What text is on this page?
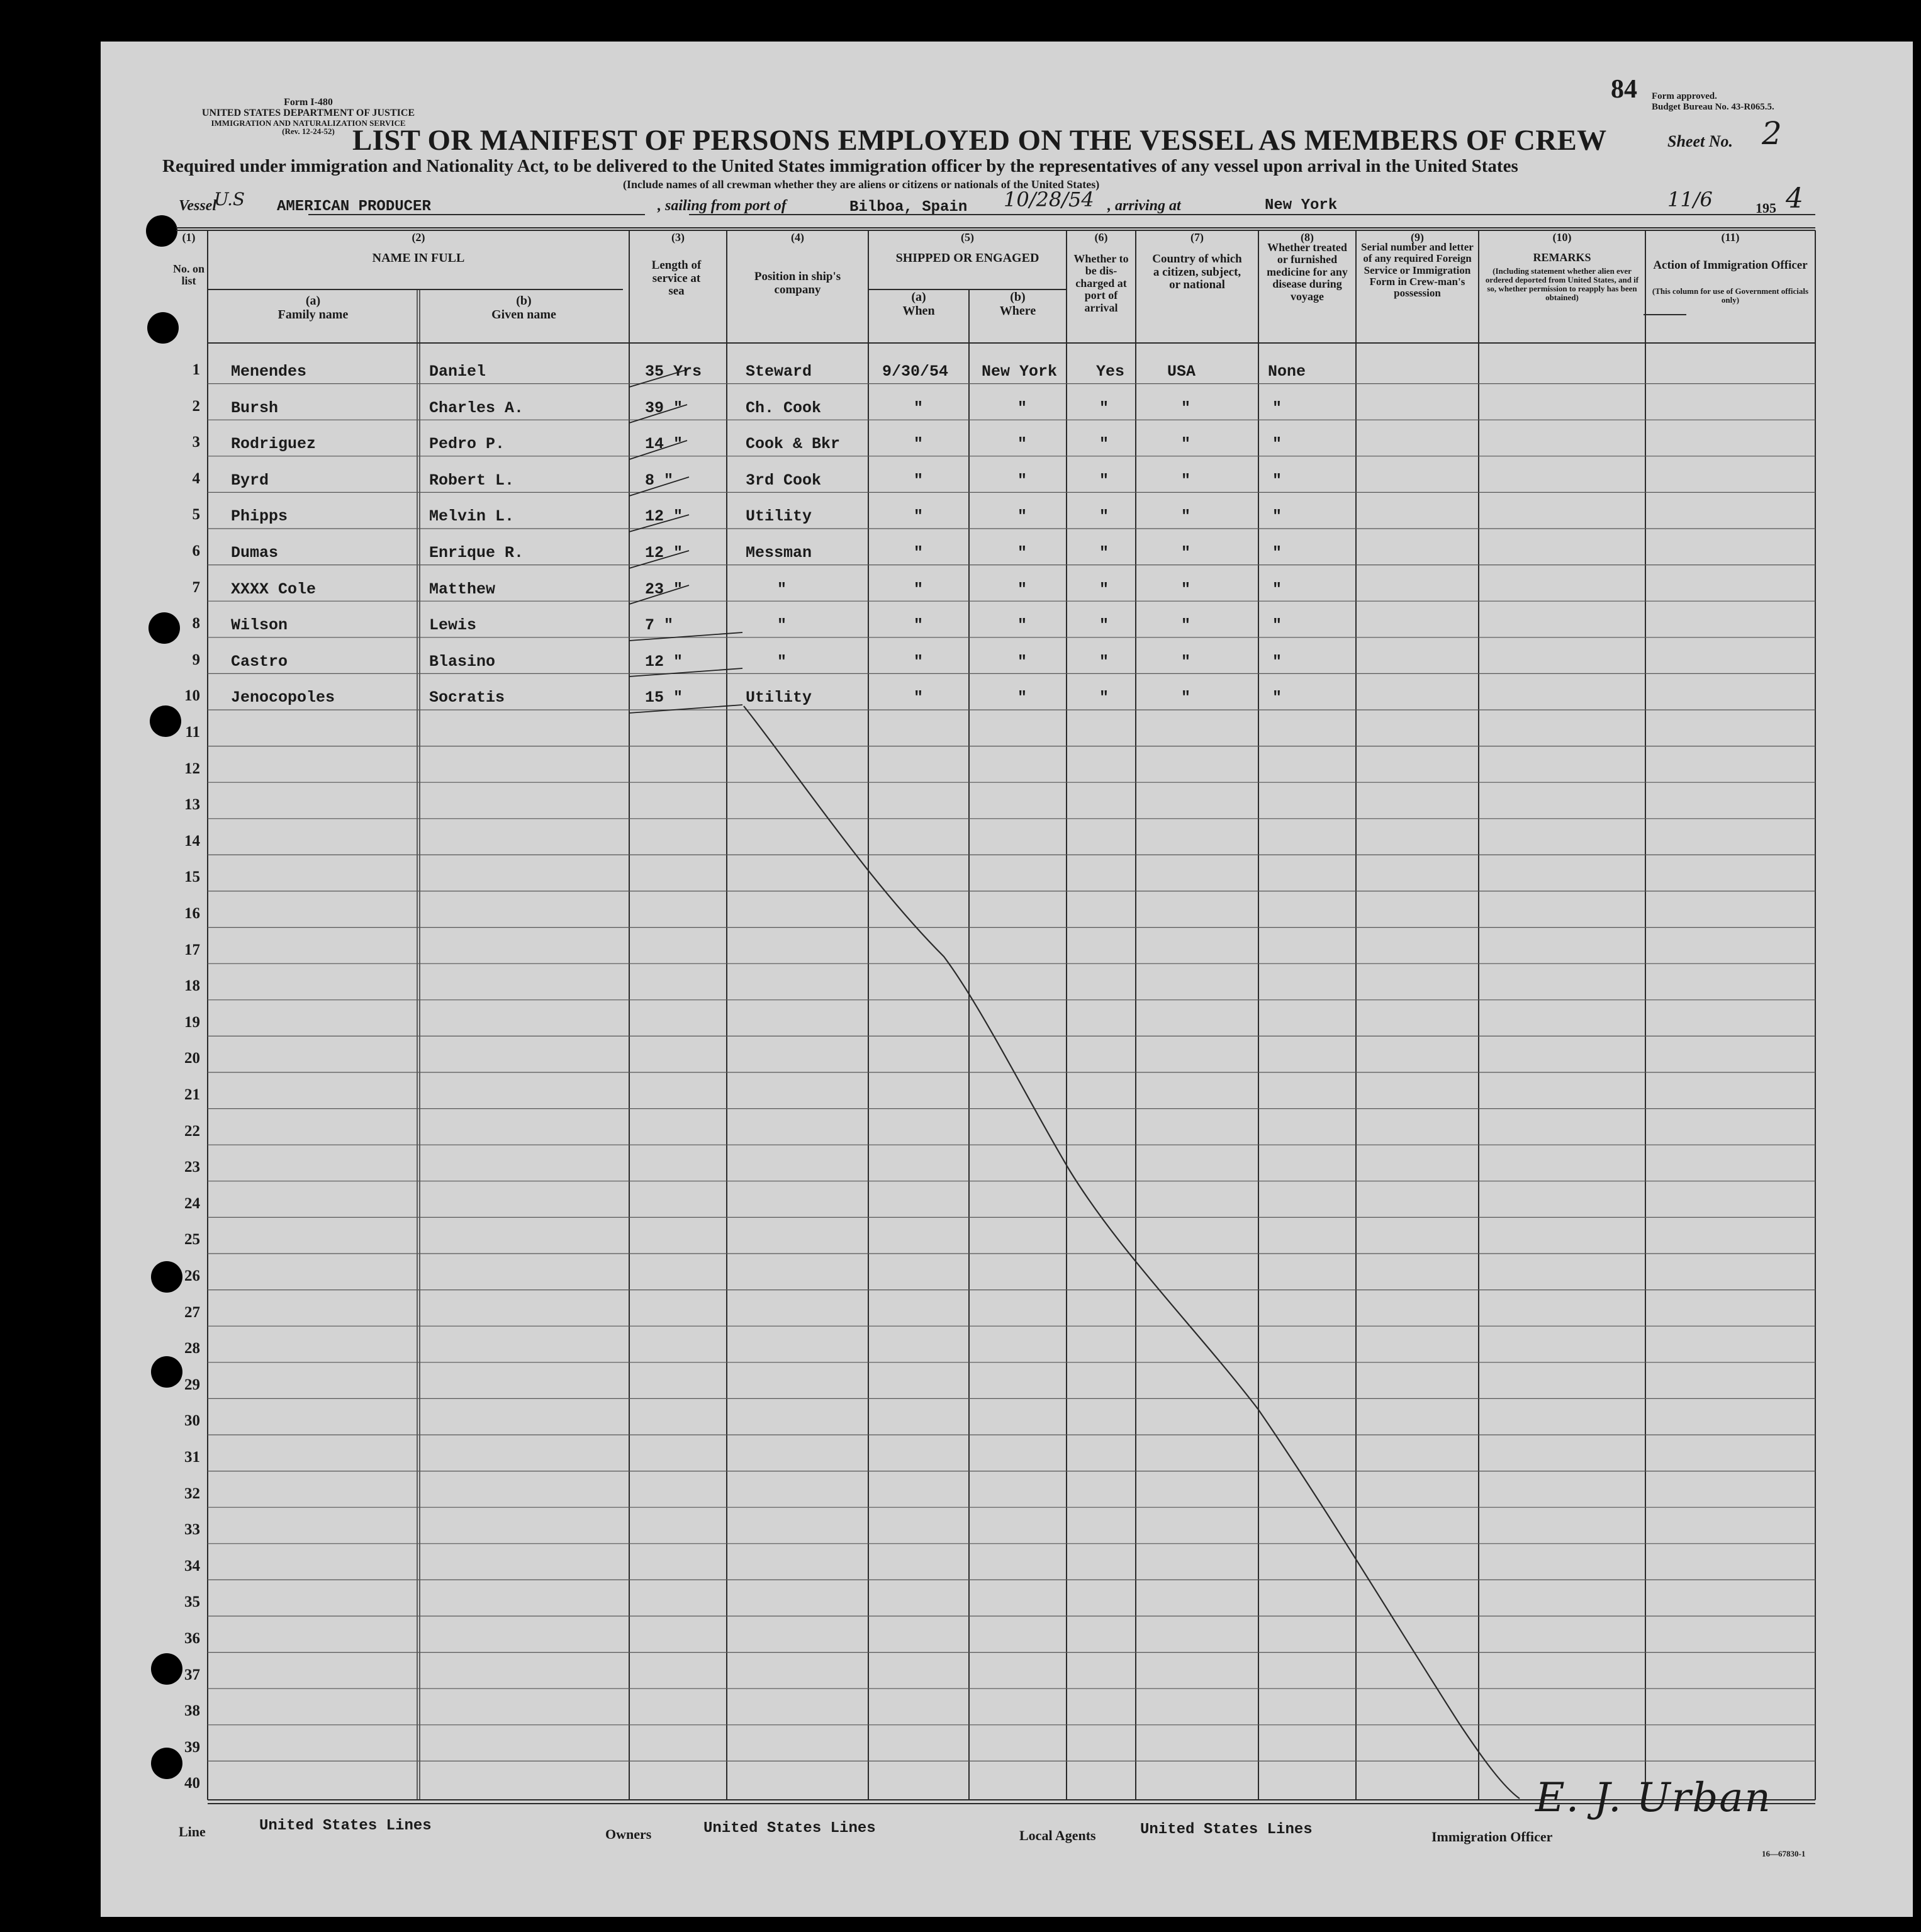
Form I-480
UNITED STATES DEPARTMENT OF JUSTICE
IMMIGRATION AND NATURALIZATION SERVICE
(Rev. 12-24-52)
84 Form approved.
Budget Bureau No. 43-R065.5.
LIST OR MANIFEST OF PERSONS EMPLOYED ON THE VESSEL AS MEMBERS OF CREW	Sheet No. 2
Required under immigration and Nationality Act, to be delivered to the United States immigration officer by the representatives of any vessel upon arrival in the United States
(Include names of all crewman whether they are aliens or citizens or nationals of the United States)
Vessel
U.S AMERICAN PRODUCER	, sailing from port of	Bilboa, Spain 10/28/54 , arriving at	New York	11/6	195 4
(1)
No. on list
(2)
NAME IN FULL
(a)
Family name
(b)
Given name
(3)
Length of service at sea
(4)
Position in ship's company
(5)
SHIPPED OR ENGAGED
(a)
When
(b)
Where
(6)
Whether to be dis-charged at port of arrival
(7)
Country of which a citizen, subject, or national
(8)
Whether treated or furnished medicine for any disease during voyage
(9)
Serial number and letter of any required Foreign Service or Immigration Form in Crew-man's possession
(10)
REMARKS
(Including statement whether alien ever ordered deported from United States, and if so, whether permission to reapply has been obtained)
(11)
Action of Immigration Officer
(This column for use of Government officials only)
1 Menendes	Daniel	35 Yrs	Steward	9/30/54 New York Yes	USA	None
2 Bursh	Charles A.	39 "	Ch. Cook	"	"	"	"	"
3 Rodriguez	Pedro P.	14 "	Cook & Bkr	"	"	"	"	"
4 Byrd	Robert L.	8 "	3rd Cook	"	"	"	"	"
5 Phipps	Melvin L.	12 "	Utility	"	"	"	"	"
6 Dumas	Enrique R.	12 "	Messman	"	"	"	"	"
7 XXXX Cole	Matthew	23 "	"	"	"	"	"	"
8 Wilson	Lewis	7 "	"	"	"	"	"	"
9 Castro	Blasino	12 "	"	"	"	"	"	"
10 Jenocopoles	Socratis	15 "	Utility	"	"	"	"	"
11
12
13
14
15
16
17
18
19
20
21
22
23
24
25
26
27
28
29
30
31
32
33
34
35
36
37
38
39
40
Line	United States Lines	Owners	United States Lines	Local Agents	United States Lines	Immigration Officer
E. J. Urban
16—67830-1
